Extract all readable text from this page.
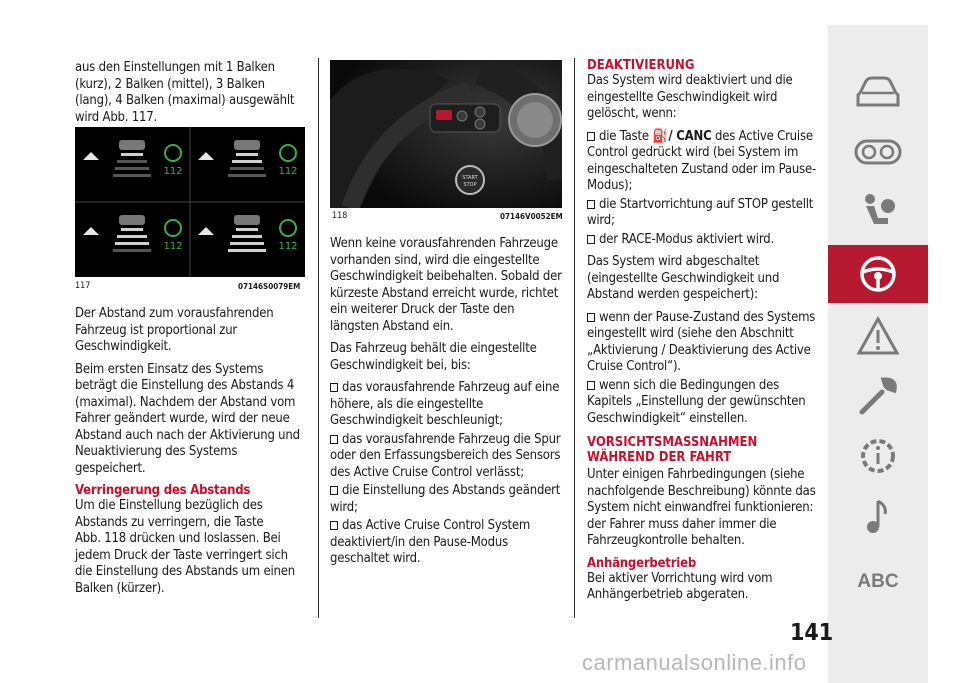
aus den Einstellungen mit 1 Balken (kurz), 2 Balken (mittel), 3 Balken (lang), 4 Balken (maximal) ausgewählt wird Abb. 117.

112	112
112	112
117	07146S0079EM

Der Abstand zum vorausfahrenden Fahrzeug ist proportional zur Geschwindigkeit.

Beim ersten Einsatz des Systems beträgt die Einstellung des Abstands 4 (maximal). Nachdem der Abstand vom Fahrer geändert wurde, wird der neue Abstand auch nach der Aktivierung und Neuaktivierung des Systems gespeichert.

Verringerung des Abstands

Um die Einstellung bezüglich des Abstands zu verringern, die Taste

Abb. 118 drücken und loslassen. Bei jedem Druck der Taste verringert sich die Einstellung des Abstands um einen Balken (kürzer).

START
STOP
118	07146V0052EM

Wenn keine vorausfahrenden Fahrzeuge vorhanden sind, wird die eingestellte Geschwindigkeit beibehalten. Sobald der kürzeste Abstand erreicht wurde, richtet ein weiterer Druck der Taste den längsten Abstand ein.

Das Fahrzeug behält die eingestellte Geschwindigkeit bei, bis:

das vorausfahrende Fahrzeug auf eine höhere, als die eingestellte Geschwindigkeit beschleunigt;
das vorausfahrende Fahrzeug die Spur oder den Erfassungsbereich des Sensors des Active Cruise Control verlässt;
die Einstellung des Abstands geändert wird;
das Active Cruise Control System deaktiviert/in den Pause-Modus geschaltet wird.
DEAKTIVIERUNG

Das System wird deaktiviert und die eingestellte Geschwindigkeit wird gelöscht, wenn:

die Taste ⛽/ CANC des Active Cruise Control gedrückt wird (bei System im eingeschalteten Zustand oder im Pause-Modus);
die Startvorrichtung auf STOP gestellt wird;
der RACE-Modus aktiviert wird.

Das System wird abgeschaltet (eingestellte Geschwindigkeit und Abstand werden gespeichert):

wenn der Pause-Zustand des Systems eingestellt wird (siehe den Abschnitt „Aktivierung / Deaktivierung des Active Cruise Control“).
wenn sich die Bedingungen des Kapitels „Einstellung der gewünschten Geschwindigkeit“ einstellen.
VORSICHTSMASSNAHMEN WÄHREND DER FAHRT

Unter einigen Fahrbedingungen (siehe nachfolgende Beschreibung) könnte das System nicht einwandfrei funktionieren: der Fahrer muss daher immer die Fahrzeugkontrolle behalten.

Anhängerbetrieb

Bei aktiver Vorrichtung wird vom Anhängerbetrieb abgeraten.

ABC
141
carmanualsonline.info
